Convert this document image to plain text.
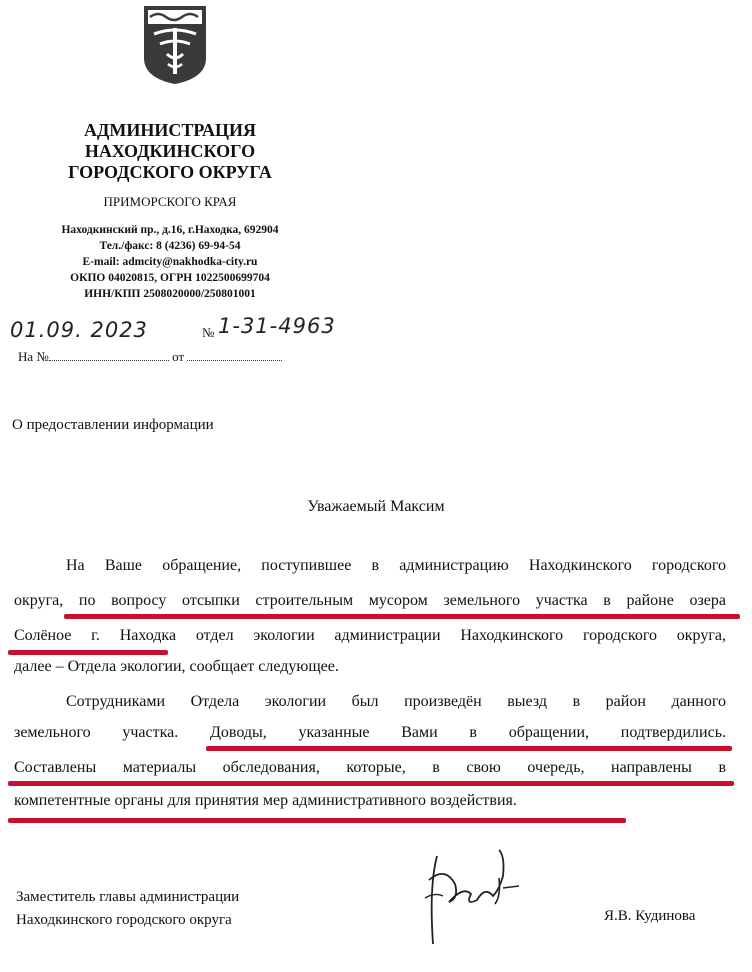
АДМИНИСТРАЦИЯ
НАХОДКИНСКОГО
ГОРОДСКОГО ОКРУГА
ПРИМОРСКОГО КРАЯ
Находкинский пр., д.16, г.Находка, 692904
Тел./факс: 8 (4236) 69-94-54
E-mail: admcity@nakhodka-city.ru
ОКПО 04020815, ОГРН 1022500699704
ИНН/КПП 2508020000/250801001
01.09. 2023	№ 1-31-4963
На №	от
О предоставлении информации
Уважаемый Максим
На Ваше обращение, поступившее в администрацию Находкинского городского
округа, по вопросу отсыпки строительным мусором земельного участка в районе озера
Солёное г. Находка отдел экологии администрации Находкинского городского округа,
далее – Отдела экологии, сообщает следующее.
Сотрудниками Отдела экологии был произведён выезд в район данного
земельного участка. Доводы, указанные Вами в обращении, подтвердились.
Составлены материалы обследования, которые, в свою очередь, направлены в
компетентные органы для принятия мер административного воздействия.
Заместитель главы администрации
Находкинского городского округа	Я.В. Кудинова
